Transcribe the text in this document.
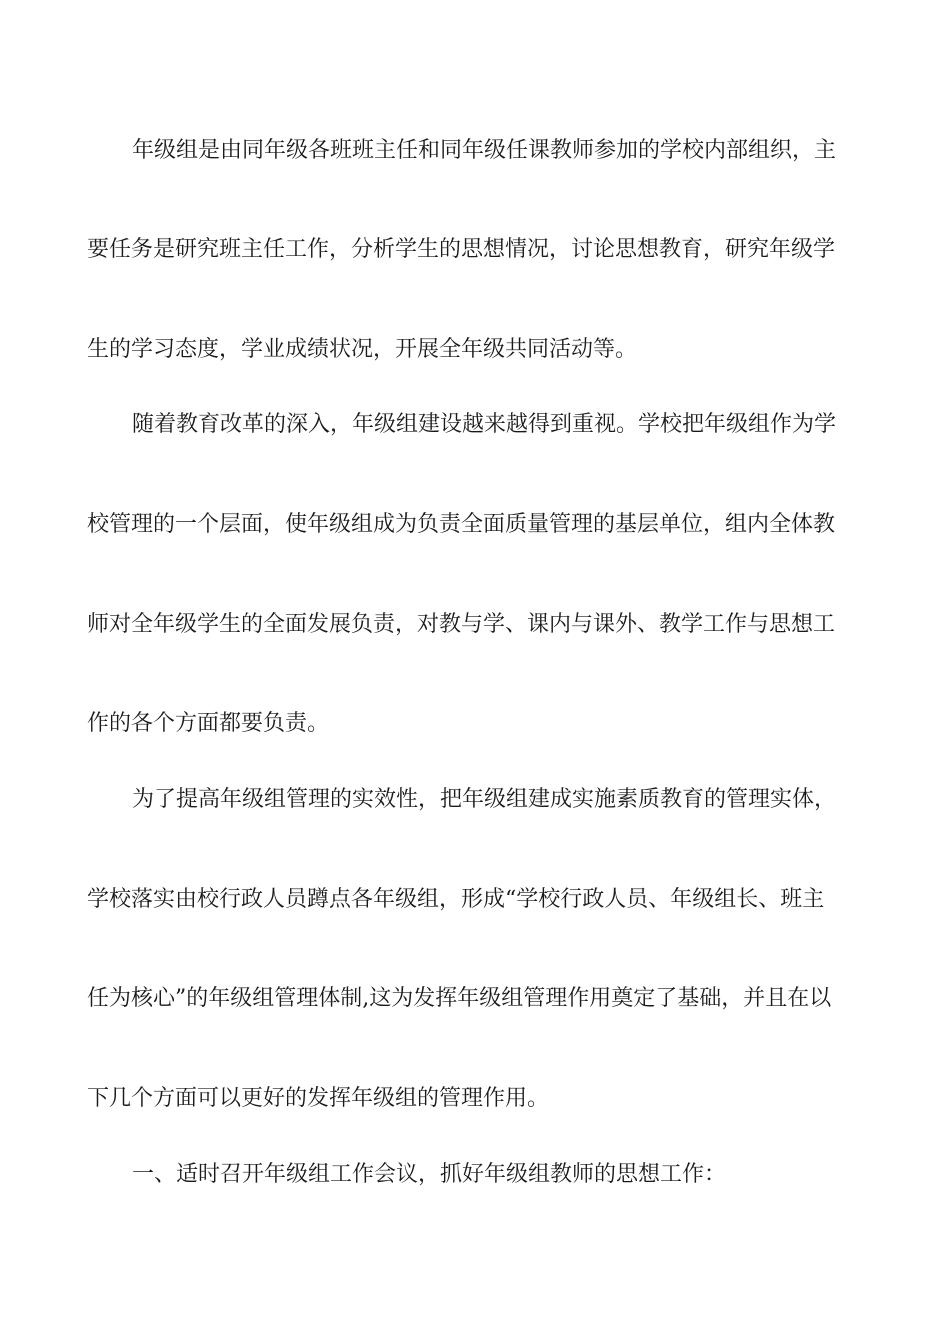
年级组是由同年级各班班主任和同年级任课教师参加的学校内部组织，主
要任务是研究班主任工作，分析学生的思想情况，讨论思想教育，研究年级学
生的学习态度，学业成绩状况，开展全年级共同活动等。
随着教育改革的深入，年级组建设越来越得到重视。学校把年级组作为学
校管理的一个层面，使年级组成为负责全面质量管理的基层单位，组内全体教
师对全年级学生的全面发展负责，对教与学、课内与课外、教学工作与思想工
作的各个方面都要负责。
为了提高年级组管理的实效性，把年级组建成实施素质教育的管理实体，
学校落实由校行政人员蹲点各年级组，形成“学校行政人员、年级组长、班主
任为核心”的年级组管理体制,这为发挥年级组管理作用奠定了基础，并且在以
下几个方面可以更好的发挥年级组的管理作用。
一、适时召开年级组工作会议，抓好年级组教师的思想工作：
